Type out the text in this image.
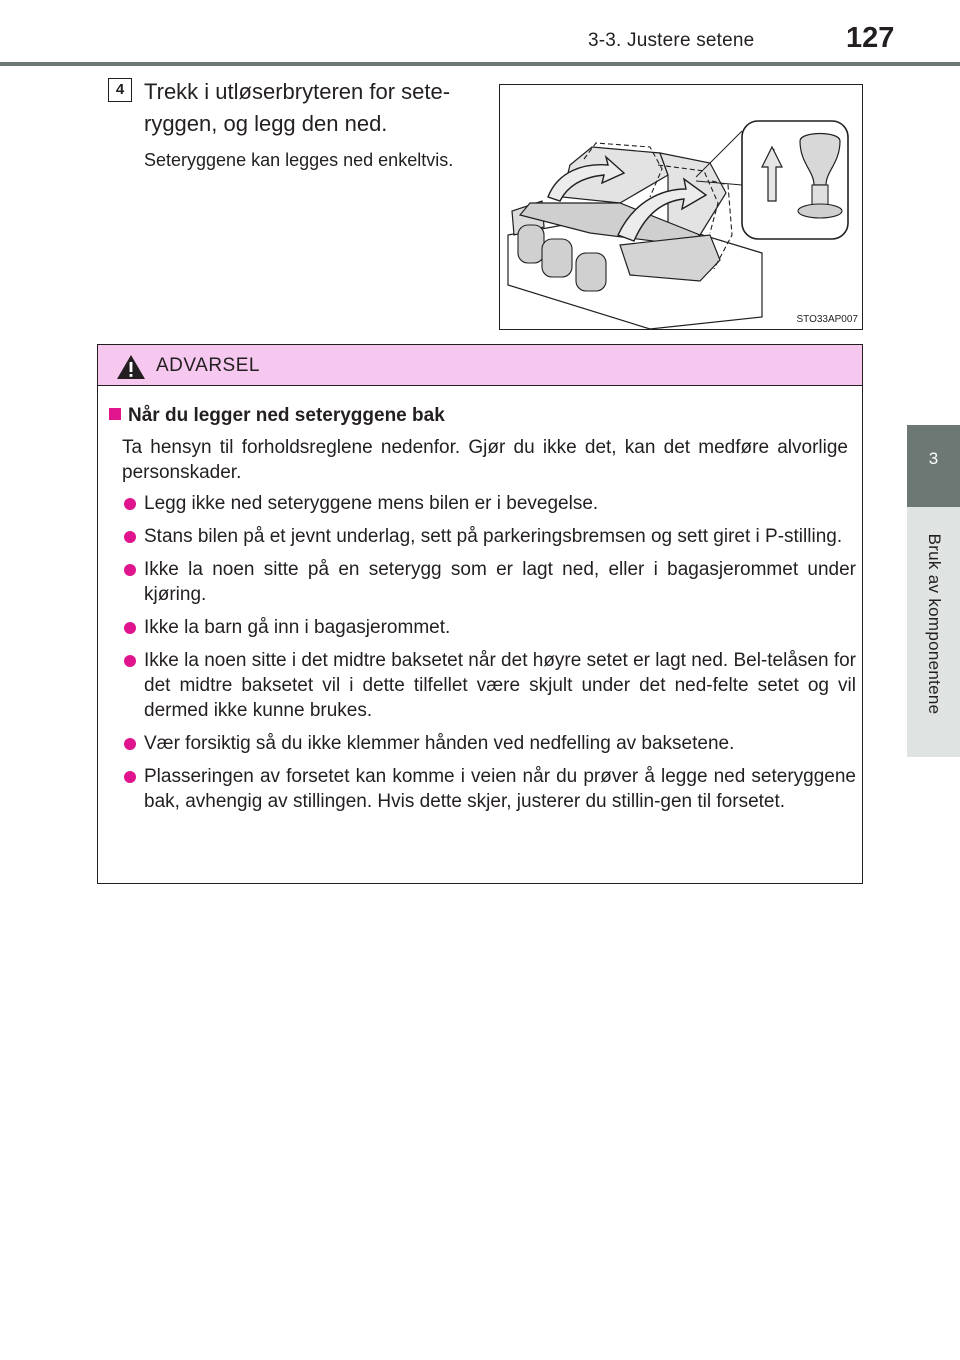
3-3. Justere setene	127
3
Bruk av komponentene
4 Trekk i utløserbryteren for sete-ryggen, og legg den ned.
Seteryggene kan legges ned enkeltvis.
STO33AP007
ADVARSEL
Når du legger ned seteryggene bak
Ta hensyn til forholdsreglene nedenfor. Gjør du ikke det, kan det medføre alvorlige personskader.
Legg ikke ned seteryggene mens bilen er i bevegelse.
Stans bilen på et jevnt underlag, sett på parkeringsbremsen og sett giret i P-stilling.
Ikke la noen sitte på en seterygg som er lagt ned, eller i bagasjerommet under kjøring.
Ikke la barn gå inn i bagasjerommet.
Ikke la noen sitte i det midtre baksetet når det høyre setet er lagt ned. Bel-telåsen for det midtre baksetet vil i dette tilfellet være skjult under det ned-felte setet og vil dermed ikke kunne brukes.
Vær forsiktig så du ikke klemmer hånden ved nedfelling av baksetene.
Plasseringen av forsetet kan komme i veien når du prøver å legge ned seteryggene bak, avhengig av stillingen. Hvis dette skjer, justerer du stillin-gen til forsetet.
